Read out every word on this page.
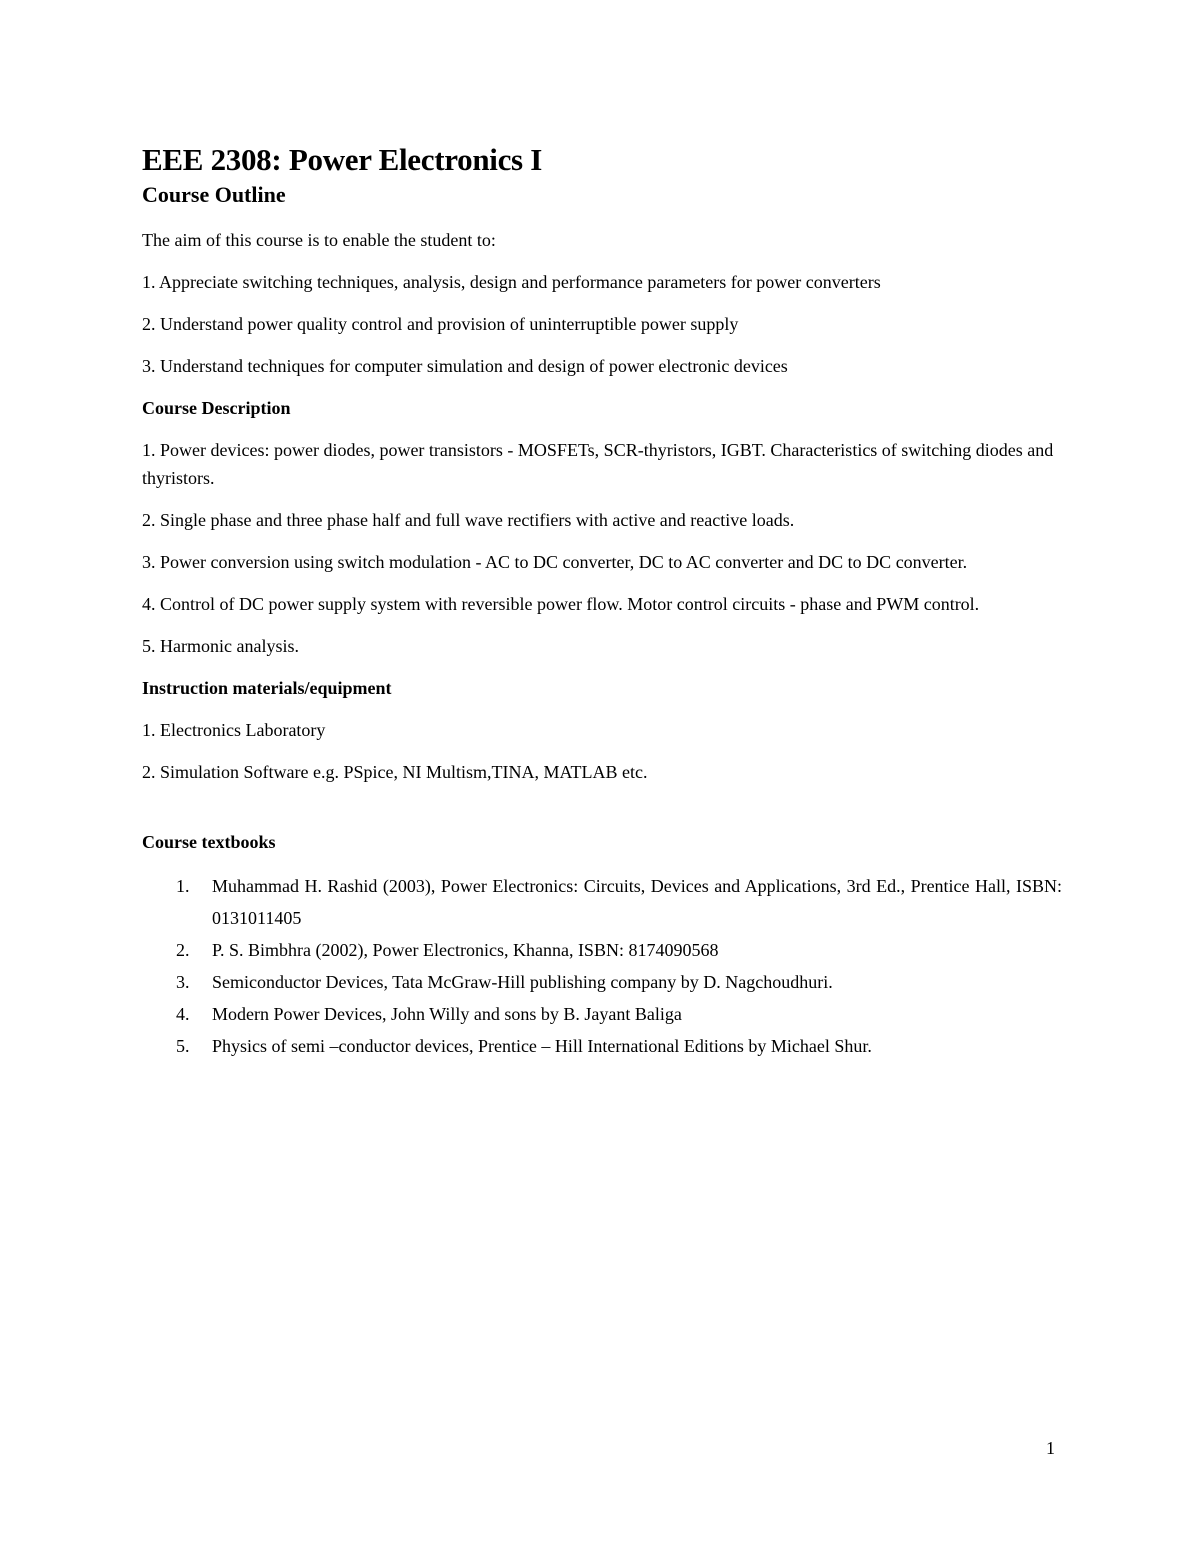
EEE 2308: Power Electronics I
Course Outline

The aim of this course is to enable the student to:

1. Appreciate switching techniques, analysis, design and performance parameters for power converters

2. Understand power quality control and provision of uninterruptible power supply

3. Understand techniques for computer simulation and design of power electronic devices

Course Description

1. Power devices: power diodes, power transistors - MOSFETs, SCR-thyristors, IGBT. Characteristics of switching diodes and thyristors.

2. Single phase and three phase half and full wave rectifiers with active and reactive loads.

3. Power conversion using switch modulation - AC to DC converter, DC to AC converter and DC to DC converter.

4. Control of DC power supply system with reversible power flow. Motor control circuits - phase and PWM control.

5. Harmonic analysis.

Instruction materials/equipment

1. Electronics Laboratory

2. Simulation Software e.g. PSpice, NI Multism,TINA, MATLAB etc.

Course textbooks
1.	Muhammad H. Rashid (2003), Power Electronics: Circuits, Devices and Applications, 3rd Ed., Prentice Hall, ISBN: 0131011405
2.	P. S. Bimbhra (2002), Power Electronics, Khanna, ISBN: 8174090568
3.	Semiconductor Devices, Tata McGraw-Hill publishing company by D. Nagchoudhuri.
4.	Modern Power Devices, John Willy and sons by B. Jayant Baliga
5.	Physics of semi –conductor devices, Prentice – Hill International Editions by Michael Shur.
1
